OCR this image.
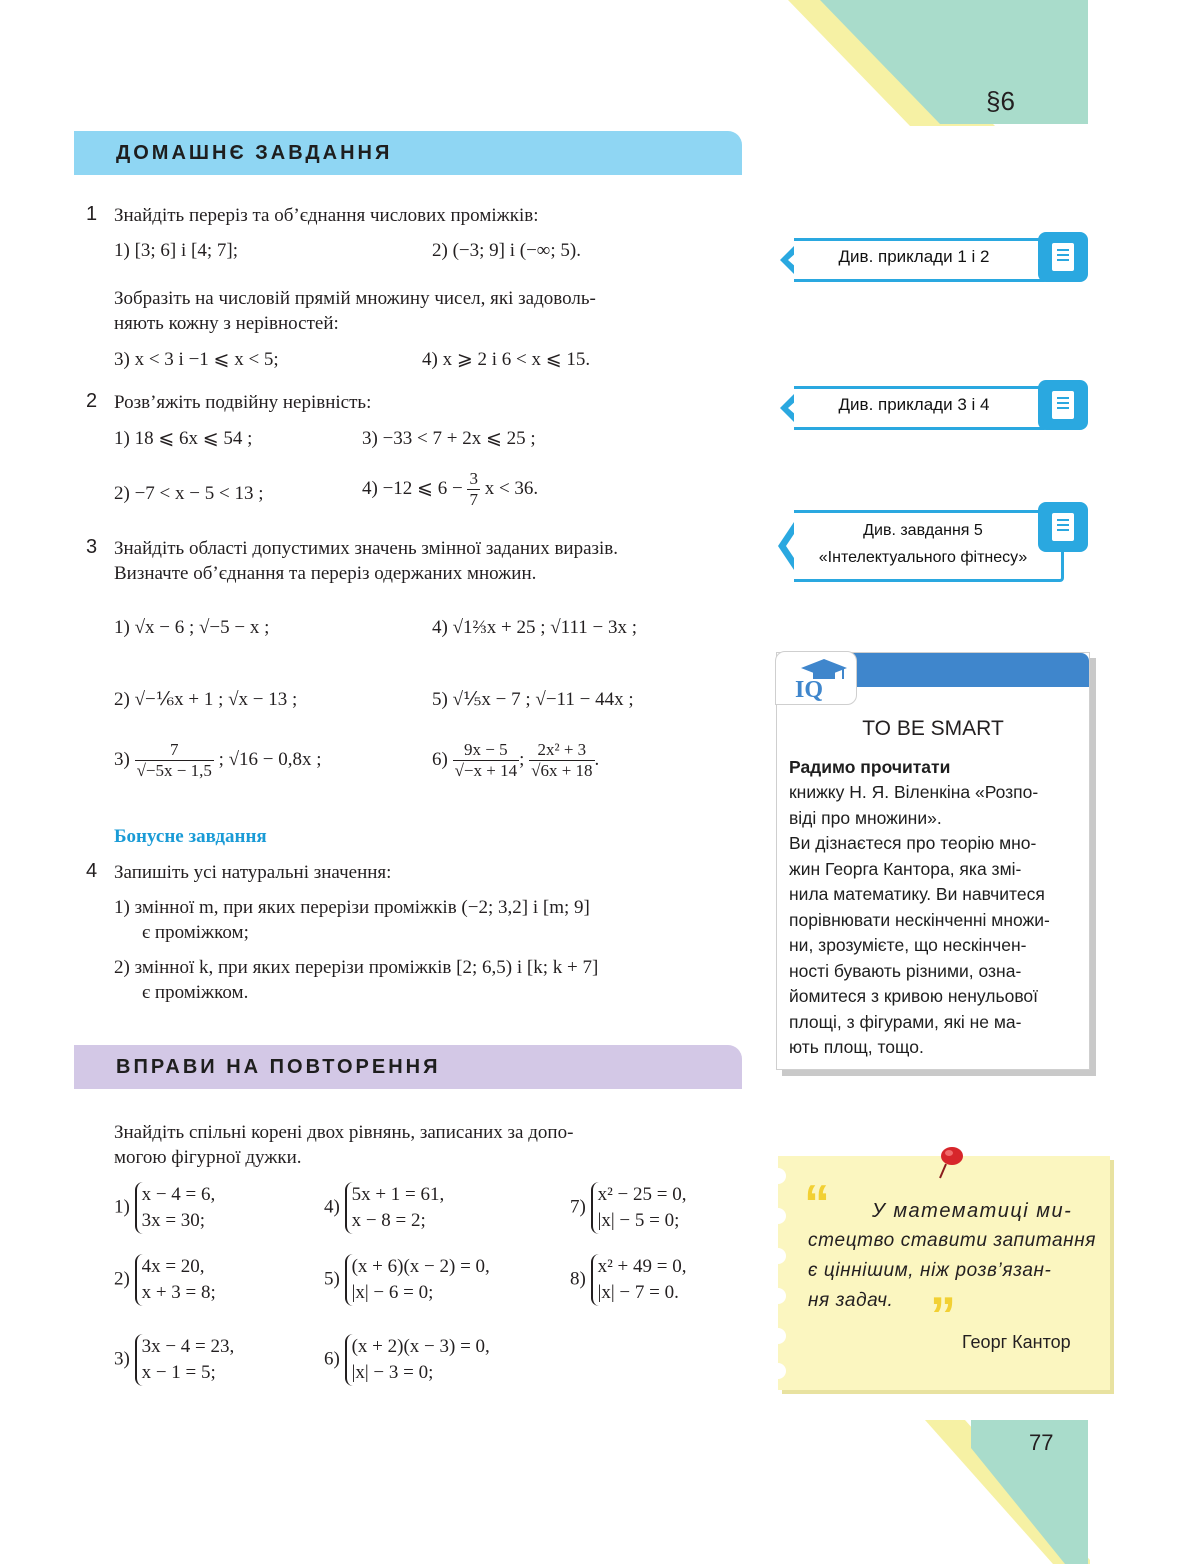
§6
77
ДОМАШНЄ ЗАВДАННЯ
1 Знайдіть переріз та об’єднання числових проміжків:
1) [3; 6] і [4; 7];	2) (−3; 9] і (−∞; 5).
Зобразіть на числовій прямій множину чисел, які задоволь-
няють кожну з нерівностей:
3) x < 3 і −1 ⩽ x < 5;	4) x ⩾ 2 і 6 < x ⩽ 15.
2 Розв’яжіть подвійну нерівність:
1) 18 ⩽ 6x ⩽ 54 ;	3) −33 < 7 + 2x ⩽ 25 ;
2) −7 < x − 5 < 13 ;	4) −12 ⩽ $6 - \frac{3}{7}$ x < 36.
3 Знайдіть області допустимих значень змінної заданих виразів.
Визначте об’єднання та переріз одержаних множин.
1) √x − 6 ; √−5 − x ;	4) √1⅔x + 25 ; √111 − 3x ;
2) √−⅙x + 1 ; √x − 13 ;	5) √⅕x − 7 ; √−11 − 44x ;
$3) \frac{7}{√-5x - 1,5}$ ; √16 − 0,8x ;	$6) \frac{9x - 5}{√-x + 14}$ ; $\frac{\text{2x² + 3}}{√6x + 18}$ .
Бонусне завдання
4 Запишіть усі натуральні значення:
1) змінної m, при яких перерізи проміжків (−2; 3,2] і [m; 9]
є проміжком;
2) змінної k, при яких перерізи проміжків [2; 6,5) і [k; k + 7]
є проміжком.
ВПРАВИ НА ПОВТОРЕННЯ
Знайдіть спільні корені двох рівнянь, записаних за допо-
могою фігурної дужки.
1)
x − 4 = 6,
3x = 30;
4)
5x + 1 = 61,
x − 8 = 2;
7)
x² − 25 = 0,
|x| − 5 = 0;
2)
4x = 20,
x + 3 = 8;
5)
(x + 6)(x − 2) = 0,
|x| − 6 = 0;
8)
x² + 49 = 0,
|x| − 7 = 0.
3)
3x − 4 = 23,
x − 1 = 5;
6)
(x + 2)(x − 3) = 0,
|x| − 3 = 0;
Див. приклади 1 і 2
Див. приклади 3 і 4
Див. завдання 5
«Інтелектуального фітнесу»
IQ
TO BE SMART
Радимо прочитати
книжку Н. Я. Віленкіна «Розпо-
віді про множини».
Ви дізнаєтеся про теорію мно-
жин Георга Кантора, яка змі-
нила математику. Ви навчитеся
порівнювати нескінченні множи-
ни, зрозумієте, що нескінчен-
ності бувають різними, озна-
йомитеся з кривою ненульової
площі, з фігурами, які не ма-
ють площ, тощо.
“ У математиці ми-
стецтво ставити запитання
є ціннішим, ніж розв’язан-
ня задач. ” Георг Кантор
